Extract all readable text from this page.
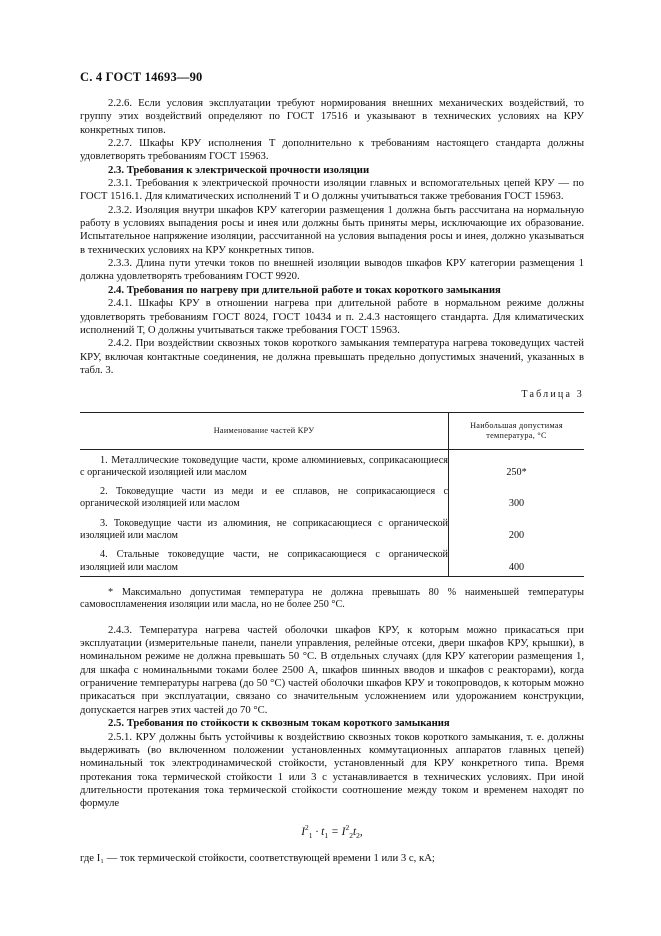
С. 4 ГОСТ 14693—90

2.2.6. Если условия эксплуатации требуют нормирования внешних механических воздействий, то группу этих воздействий определяют по ГОСТ 17516 и указывают в технических условиях на КРУ конкретных типов.

2.2.7. Шкафы КРУ исполнения Т дополнительно к требованиям настоящего стандарта должны удовлетворять требованиям ГОСТ 15963.

2.3. Требования к электрической прочности изоляции

2.3.1. Требования к электрической прочности изоляции главных и вспомогательных цепей КРУ — по ГОСТ 1516.1. Для климатических исполнений Т и О должны учитываться также требования ГОСТ 15963.

2.3.2. Изоляция внутри шкафов КРУ категории размещения 1 должна быть рассчитана на нормальную работу в условиях выпадения росы и инея или должны быть приняты меры, исключающие их образование. Испытательное напряжение изоляции, рассчитанной на условия выпадения росы и инея, должно указываться в технических условиях на КРУ конкретных типов.

2.3.3. Длина пути утечки токов по внешней изоляции выводов шкафов КРУ категории размещения 1 должна удовлетворять требованиям ГОСТ 9920.

2.4. Требования по нагреву при длительной работе и токах короткого замыкания

2.4.1. Шкафы КРУ в отношении нагрева при длительной работе в нормальном режиме должны удовлетворять требованиям ГОСТ 8024, ГОСТ 10434 и п. 2.4.3 настоящего стандарта. Для климатических исполнений Т, О должны учитываться также требования ГОСТ 15963.

2.4.2. При воздействии сквозных токов короткого замыкания температура нагрева токоведущих частей КРУ, включая контактные соединения, не должна превышать предельно допустимых значений, указанных в табл. 3.

Таблица 3
Наименование частей КРУ	Наибольшая допустимая температура, °С
1. Металлические токоведущие части, кроме алюминиевых, соприкасающиеся с органической изоляцией или маслом	250*
2. Токоведущие части из меди и ее сплавов, не соприкасающиеся с органической изоляцией или маслом	300
3. Токоведущие части из алюминия, не соприкасающиеся с органической изоляцией или маслом	200
4. Стальные токоведущие части, не соприкасающиеся с органической изоляцией или маслом	400

* Максимально допустимая температура не должна превышать 80 % наименьшей температуры самовоспламенения изоляции или масла, но не более 250 °С.

2.4.3. Температура нагрева частей оболочки шкафов КРУ, к которым можно прикасаться при эксплуатации (измерительные панели, панели управления, релейные отсеки, двери шкафов КРУ, крышки), в номинальном режиме не должна превышать 50 °С. В отдельных случаях (для КРУ категории размещения 1, для шкафа с номинальными токами более 2500 А, шкафов шинных вводов и шкафов с реакторами), когда ограничение температуры нагрева (до 50 °С) частей оболочки шкафов КРУ и токопроводов, к которым можно прикасаться при эксплуатации, связано со значительным усложнением или удорожанием конструкции, допускается нагрев этих частей до 70 °С.

2.5. Требования по стойкости к сквозным токам короткого замыкания

2.5.1. КРУ должны быть устойчивы к воздействию сквозных токов короткого замыкания, т. е. должны выдерживать (во включенном положении установленных коммутационных аппаратов главных цепей) номинальный ток электродинамической стойкости, установленный для КРУ конкретного типа. Время протекания тока термической стойкости 1 или 3 с устанавливается в технических условиях. При иной длительности протекания тока термической стойкости соотношение между током и временем находят по формуле

$I^2_1 \cdot t_1 = I^2_2t_2$,

где I₁ — ток термической стойкости, соответствующей времени 1 или 3 с, кА;
